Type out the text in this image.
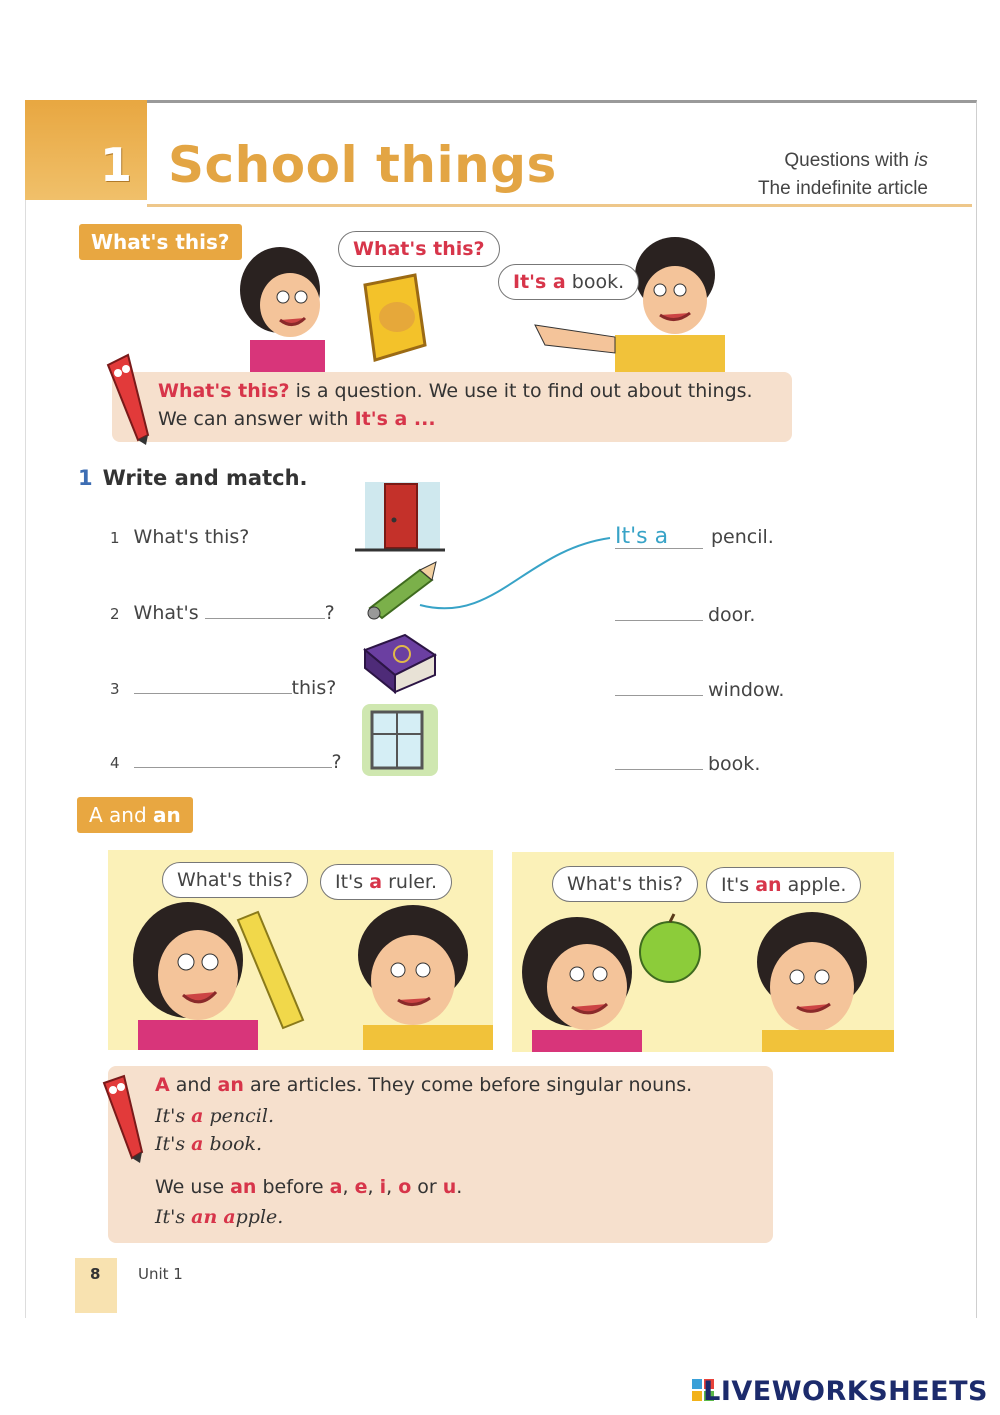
1 School things	Questions with is
The indefinite article
What's this?	What's this?
It's a book.
What's this? is a question. We use it to find out about things.
We can answer with It's a ...
1 Write and match.
1 What's this?
2 What's	?
3	this?
4	?
It's a pencil.
door.
window.
book.
A and an
What's this?	It's a ruler.	What's this?	It's an apple.
A and an are articles. They come before singular nouns.
It's a pencil.
It's a book.
We use an before a, e, i, o or u.
It's an apple.
8	Unit 1
LIVEWORKSHEETS
